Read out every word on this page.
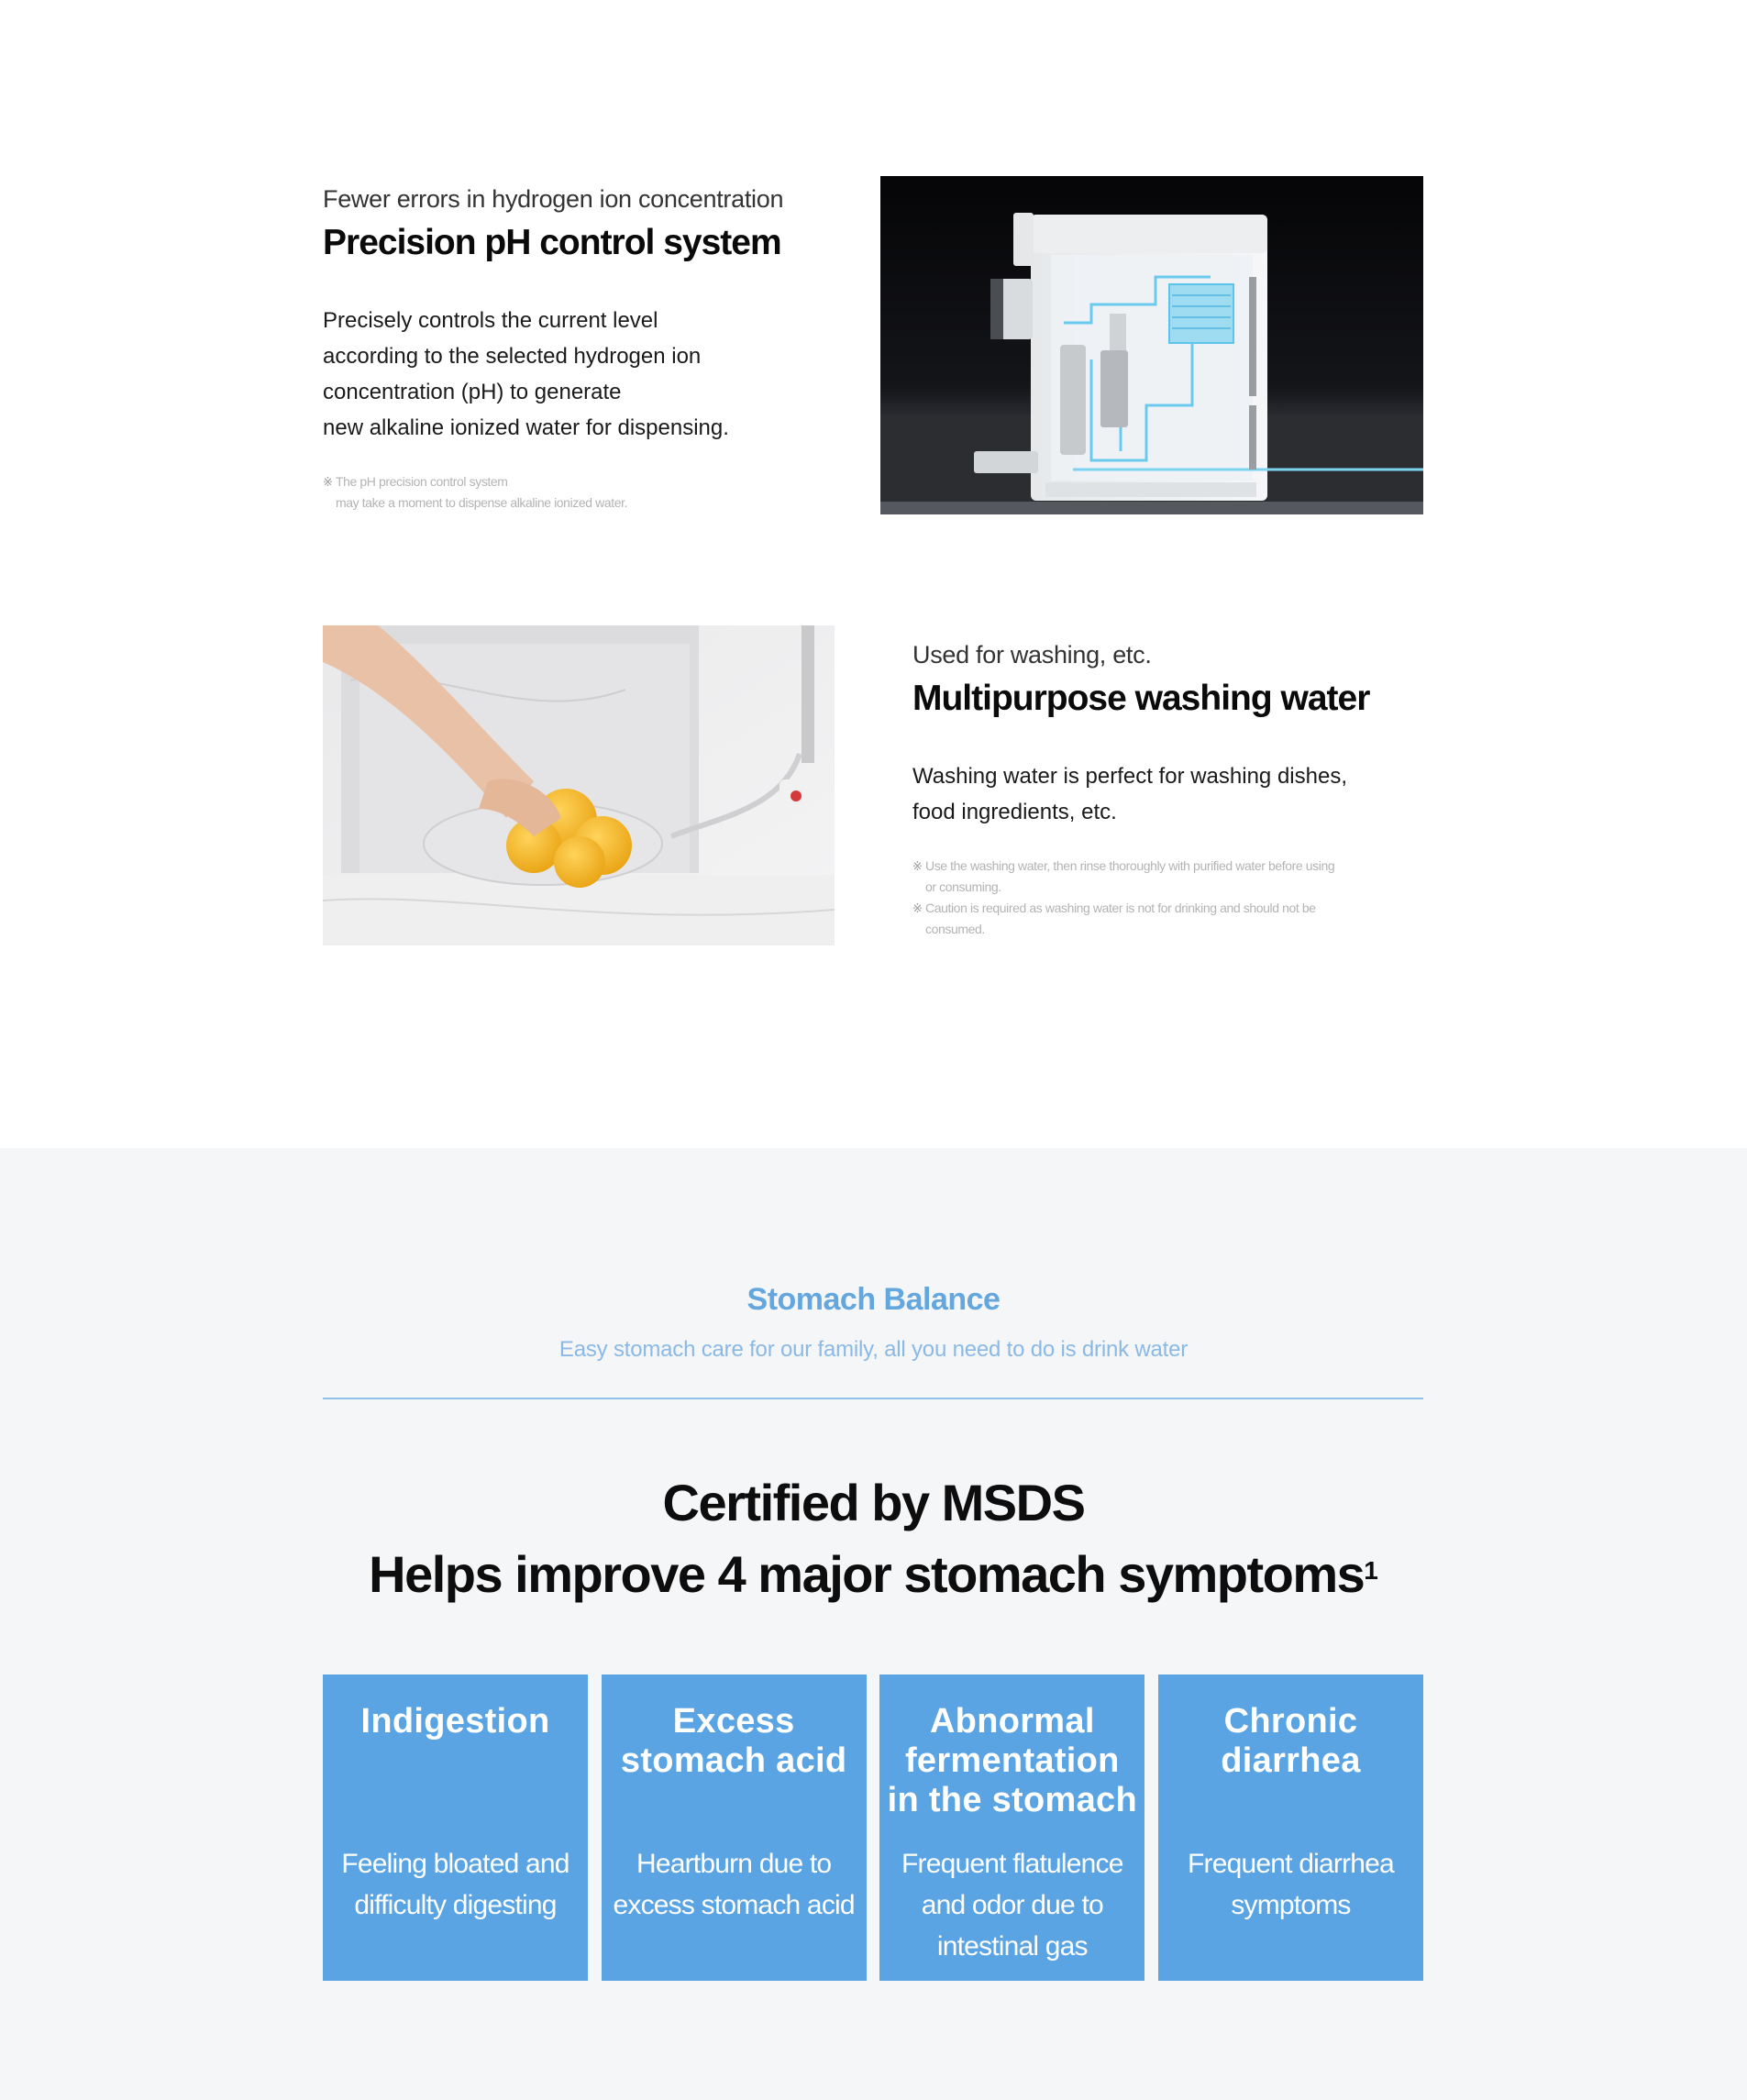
Fewer errors in hydrogen ion concentration
Precision pH control system
Precisely controls the current level
according to the selected hydrogen ion
concentration (pH) to generate
new alkaline ionized water for dispensing.
※ The pH precision control system
may take a moment to dispense alkaline ionized water.
Used for washing, etc.
Multipurpose washing water
Washing water is perfect for washing dishes,
food ingredients, etc.
※ Use the washing water, then rinse thoroughly with purified water before using
or consuming.
※ Caution is required as washing water is not for drinking and should not be
consumed.
Stomach Balance
Easy stomach care for our family, all you need to do is drink water
Certified by MSDS
Helps improve 4 major stomach symptoms$^1$
Indigestion
Feeling bloated and
difficulty digesting
Excess
stomach acid
Heartburn due to
excess stomach acid
Abnormal
fermentation
in the stomach
Frequent flatulence
and odor due to
intestinal gas
Chronic
diarrhea
Frequent diarrhea
symptoms
